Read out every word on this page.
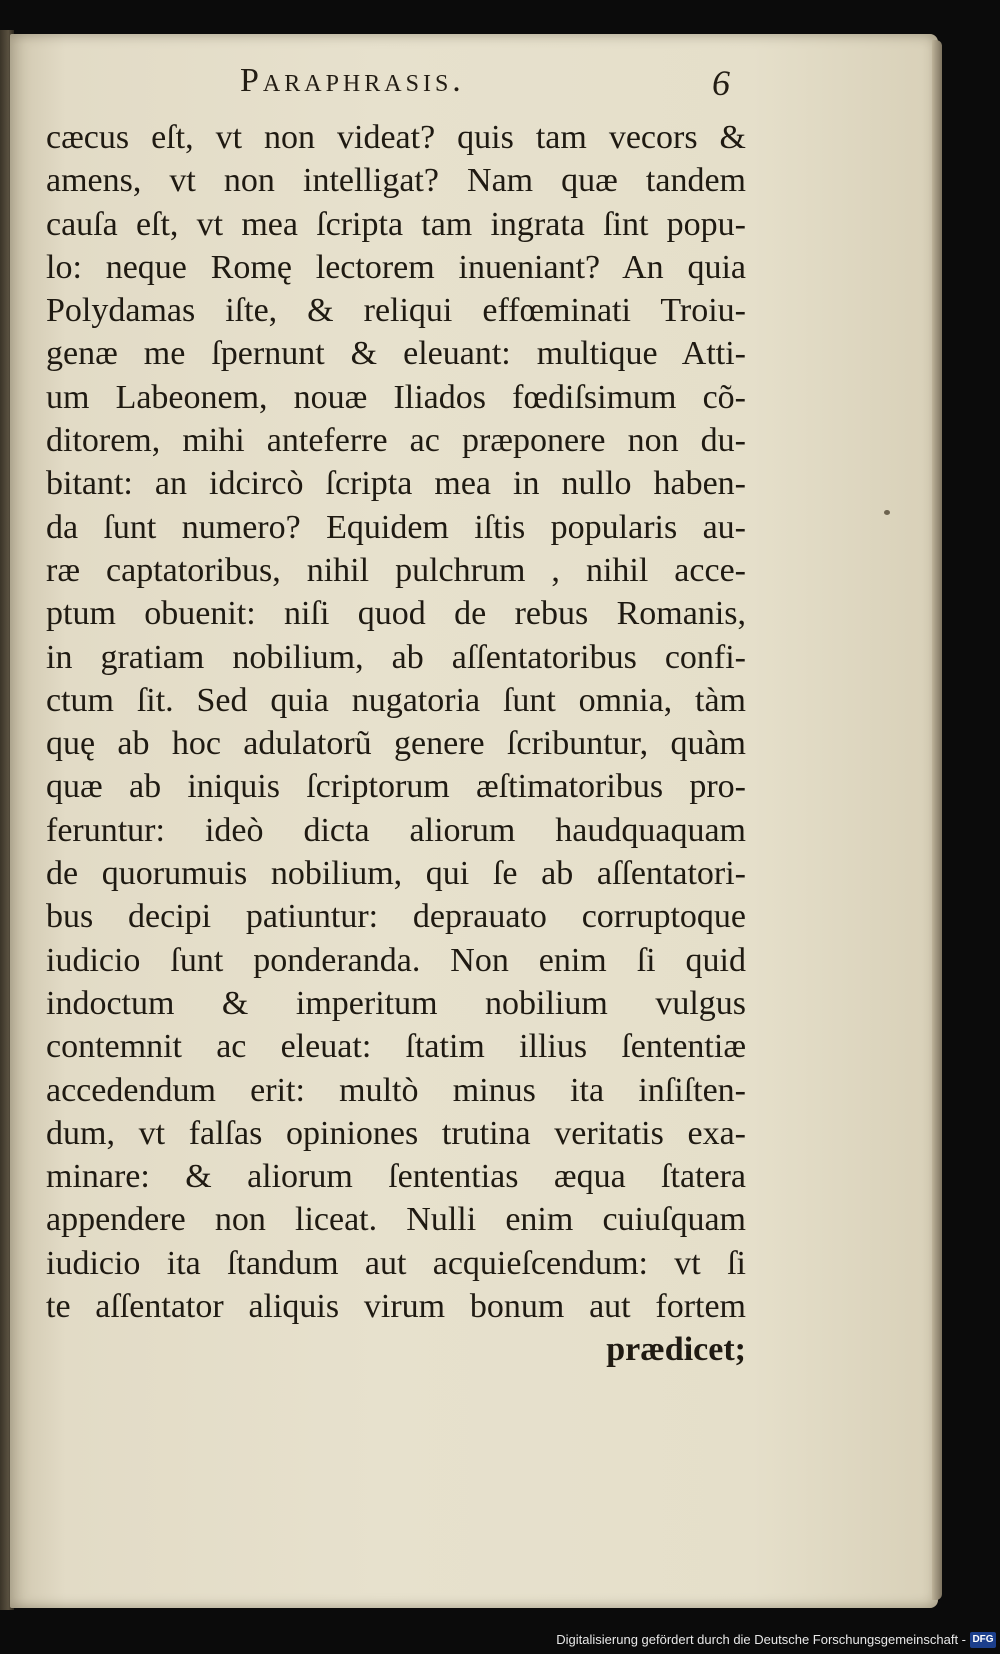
Paraphrasis.	6
cæcus eſt, vt non videat? quis tam vecors &
amens, vt non intelligat? Nam quæ tandem
cauſa eſt, vt mea ſcripta tam ingrata ſint popu-
lo: neque Romę lectorem inueniant? An quia
Polydamas iſte, & reliqui effœminati Troiu-
genæ me ſpernunt & eleuant: multique Atti-
um Labeonem, nouæ Iliados fœdiſsimum cõ-
ditorem, mihi anteferre ac præponere non du-
bitant: an idcircò ſcripta mea in nullo haben-
da ſunt numero? Equidem iſtis popularis au-
ræ captatoribus, nihil pulchrum , nihil acce-
ptum obuenit: niſi quod de rebus Romanis,
in gratiam nobilium, ab aſſentatoribus confi-
ctum ſit. Sed quia nugatoria ſunt omnia, tàm
quę ab hoc adulatorũ genere ſcribuntur, quàm
quæ ab iniquis ſcriptorum æſtimatoribus pro-
feruntur: ideò dicta aliorum haudquaquam
de quorumuis nobilium, qui ſe ab aſſentatori-
bus decipi patiuntur: deprauato corruptoque
iudicio ſunt ponderanda. Non enim ſi quid
indoctum & imperitum nobilium vulgus
contemnit ac eleuat: ſtatim illius ſententiæ
accedendum erit: multò minus ita inſiſten-
dum, vt falſas opiniones trutina veritatis exa-
minare: & aliorum ſententias æqua ſtatera
appendere non liceat. Nulli enim cuiuſquam
iudicio ita ſtandum aut acquieſcendum: vt ſi
te aſſentator aliquis virum bonum aut fortem
prædicet;
Digitalisierung gefördert durch die Deutsche Forschungsgemeinschaft - DFG
